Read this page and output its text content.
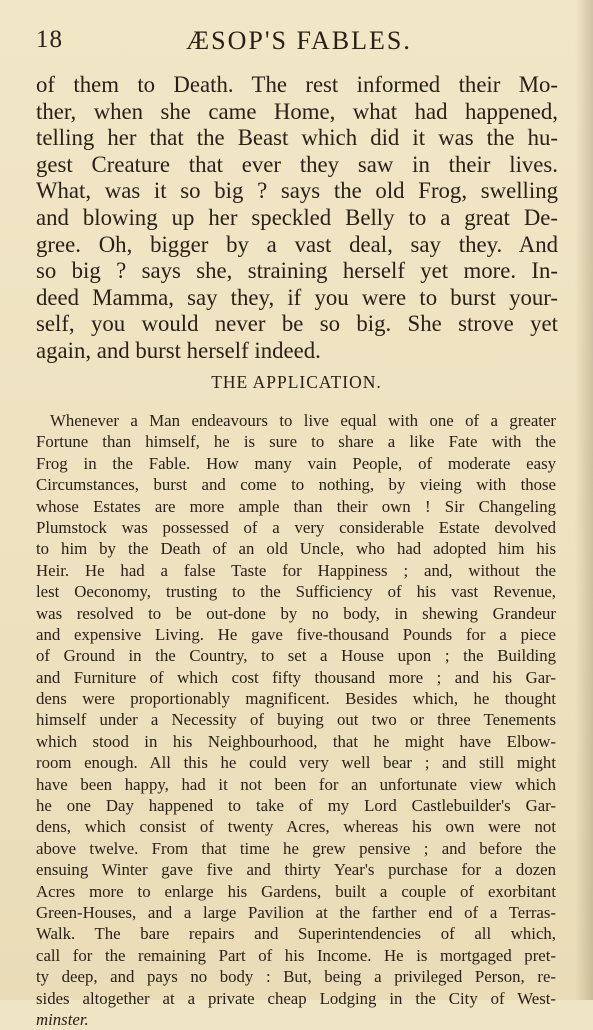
18	ÆSOP'S FABLES.
of them to Death. The rest informed their Mo-
ther, when she came Home, what had happened,
telling her that the Beast which did it was the hu-
gest Creature that ever they saw in their lives.
What, was it so big ? says the old Frog, swelling
and blowing up her speckled Belly to a great De-
gree. Oh, bigger by a vast deal, say they. And
so big ? says she, straining herself yet more. In-
deed Mamma, say they, if you were to burst your-
self, you would never be so big. She strove yet
again, and burst herself indeed.
THE APPLICATION.
Whenever a Man endeavours to live equal with one of a greater
Fortune than himself, he is sure to share a like Fate with the
Frog in the Fable. How many vain People, of moderate easy
Circumstances, burst and come to nothing, by vieing with those
whose Estates are more ample than their own ! Sir Changeling
Plumstock was possessed of a very considerable Estate devolved
to him by the Death of an old Uncle, who had adopted him his
Heir. He had a false Taste for Happiness ; and, without the
lest Oeconomy, trusting to the Sufficiency of his vast Revenue,
was resolved to be out-done by no body, in shewing Grandeur
and expensive Living. He gave five-thousand Pounds for a piece
of Ground in the Country, to set a House upon ; the Building
and Furniture of which cost fifty thousand more ; and his Gar-
dens were proportionably magnificent. Besides which, he thought
himself under a Necessity of buying out two or three Tenements
which stood in his Neighbourhood, that he might have Elbow-
room enough. All this he could very well bear ; and still might
have been happy, had it not been for an unfortunate view which
he one Day happened to take of my Lord Castlebuilder's Gar-
dens, which consist of twenty Acres, whereas his own were not
above twelve. From that time he grew pensive ; and before the
ensuing Winter gave five and thirty Year's purchase for a dozen
Acres more to enlarge his Gardens, built a couple of exorbitant
Green-Houses, and a large Pavilion at the farther end of a Terras-
Walk. The bare repairs and Superintendencies of all which,
call for the remaining Part of his Income. He is mortgaged pret-
ty deep, and pays no body : But, being a privileged Person, re-
sides altogether at a private cheap Lodging in the City of West-
minster.
